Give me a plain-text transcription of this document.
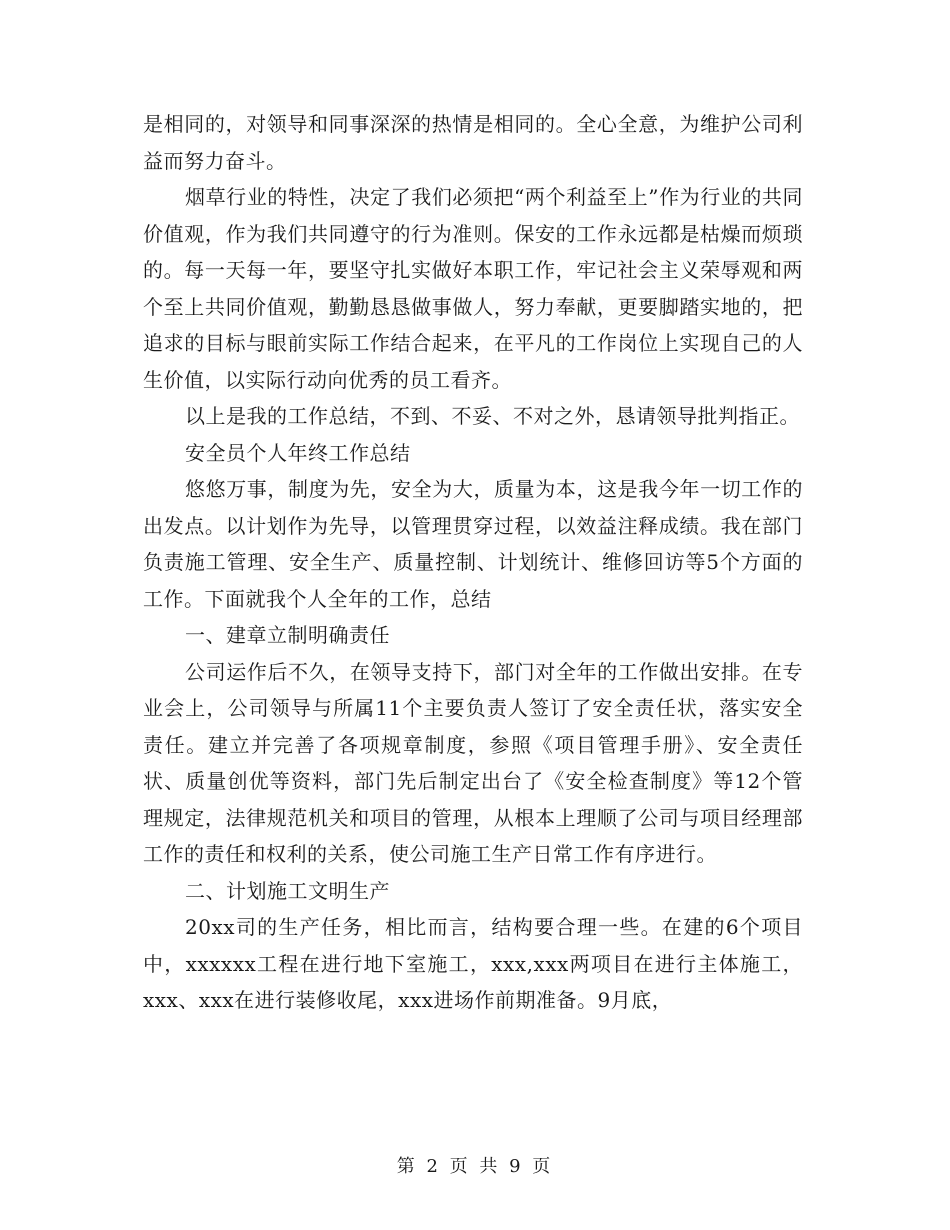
是相同的，对领导和同事深深的热情是相同的。全心全意，为维护公司利益而努力奋斗。

烟草行业的特性，决定了我们必须把“两个利益至上”作为行业的共同价值观，作为我们共同遵守的行为准则。保安的工作永远都是枯燥而烦琐的。每一天每一年，要坚守扎实做好本职工作，牢记社会主义荣辱观和两个至上共同价值观，勤勤恳恳做事做人，努力奉献，更要脚踏实地的，把追求的目标与眼前实际工作结合起来，在平凡的工作岗位上实现自己的人生价值，以实际行动向优秀的员工看齐。

以上是我的工作总结，不到、不妥、不对之外，恳请领导批判指正。

安全员个人年终工作总结

悠悠万事，制度为先，安全为大，质量为本，这是我今年一切工作的出发点。以计划作为先导，以管理贯穿过程，以效益注释成绩。我在部门负责施工管理、安全生产、质量控制、计划统计、维修回访等5个方面的工作。下面就我个人全年的工作，总结

一、建章立制明确责任

公司运作后不久，在领导支持下，部门对全年的工作做出安排。在专业会上，公司领导与所属11个主要负责人签订了安全责任状，落实安全责任。建立并完善了各项规章制度，参照《项目管理手册》、安全责任状、质量创优等资料，部门先后制定出台了《安全检查制度》等12个管理规定，法律规范机关和项目的管理，从根本上理顺了公司与项目经理部工作的责任和权利的关系，使公司施工生产日常工作有序进行。

二、计划施工文明生产

20xx司的生产任务，相比而言，结构要合理一些。在建的6个项目中，xxxxxx工程在进行地下室施工，xxx,xxx两项目在进行主体施工，xxx、xxx在进行装修收尾，xxx进场作前期准备。9月底，

第 2 页 共 9 页
